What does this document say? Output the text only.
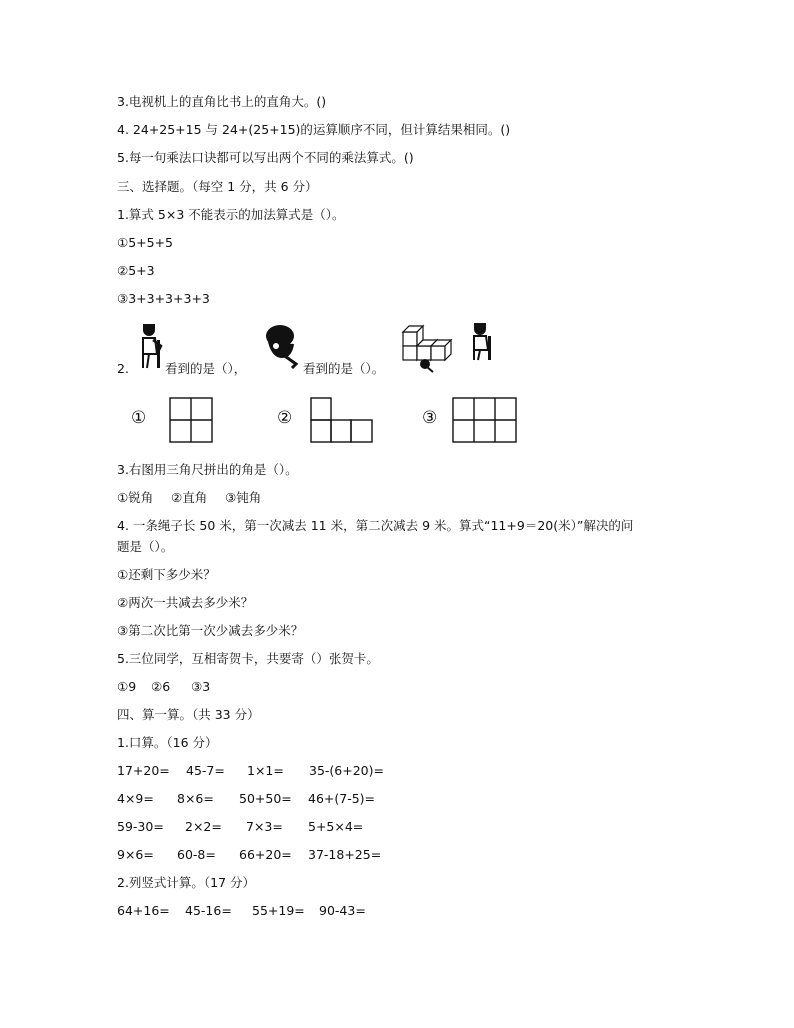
3.电视机上的直角比书上的直角大。()
4. 24+25+15 与 24+(25+15)的运算顺序不同，但计算结果相同。()
5.每一句乘法口诀都可以写出两个不同的乘法算式。()
三、选择题。（每空 1 分，共 6 分）
1.算式 5×3 不能表示的加法算式是（）。
①5+5+5
②5+3
③3+3+3+3+3
2.	看到的是（），	看到的是（）。
①	②	③
3.右图用三角尺拼出的角是（）。
①锐角 ②直角 ③钝角
4. 一条绳子长 50 米，第一次减去 11 米，第二次减去 9 米。算式“11+9＝20(米）”解决的问
题是（）。
①还剩下多少米？
②两次一共减去多少米？
③第二次比第一次少减去多少米？
5.三位同学，互相寄贺卡，共要寄（）张贺卡。
①9 ②6 ③3
四、算一算。（共 33 分）
1.口算。（16 分）
17+20= 45-7= 1×1= 35-(6+20)=
4×9= 8×6= 50+50= 46+(7-5)=
59-30= 2×2= 7×3= 5+5×4=
9×6= 60-8= 66+20= 37-18+25=
2.列竖式计算。（17 分）
64+16= 45-16= 55+19= 90-43=
